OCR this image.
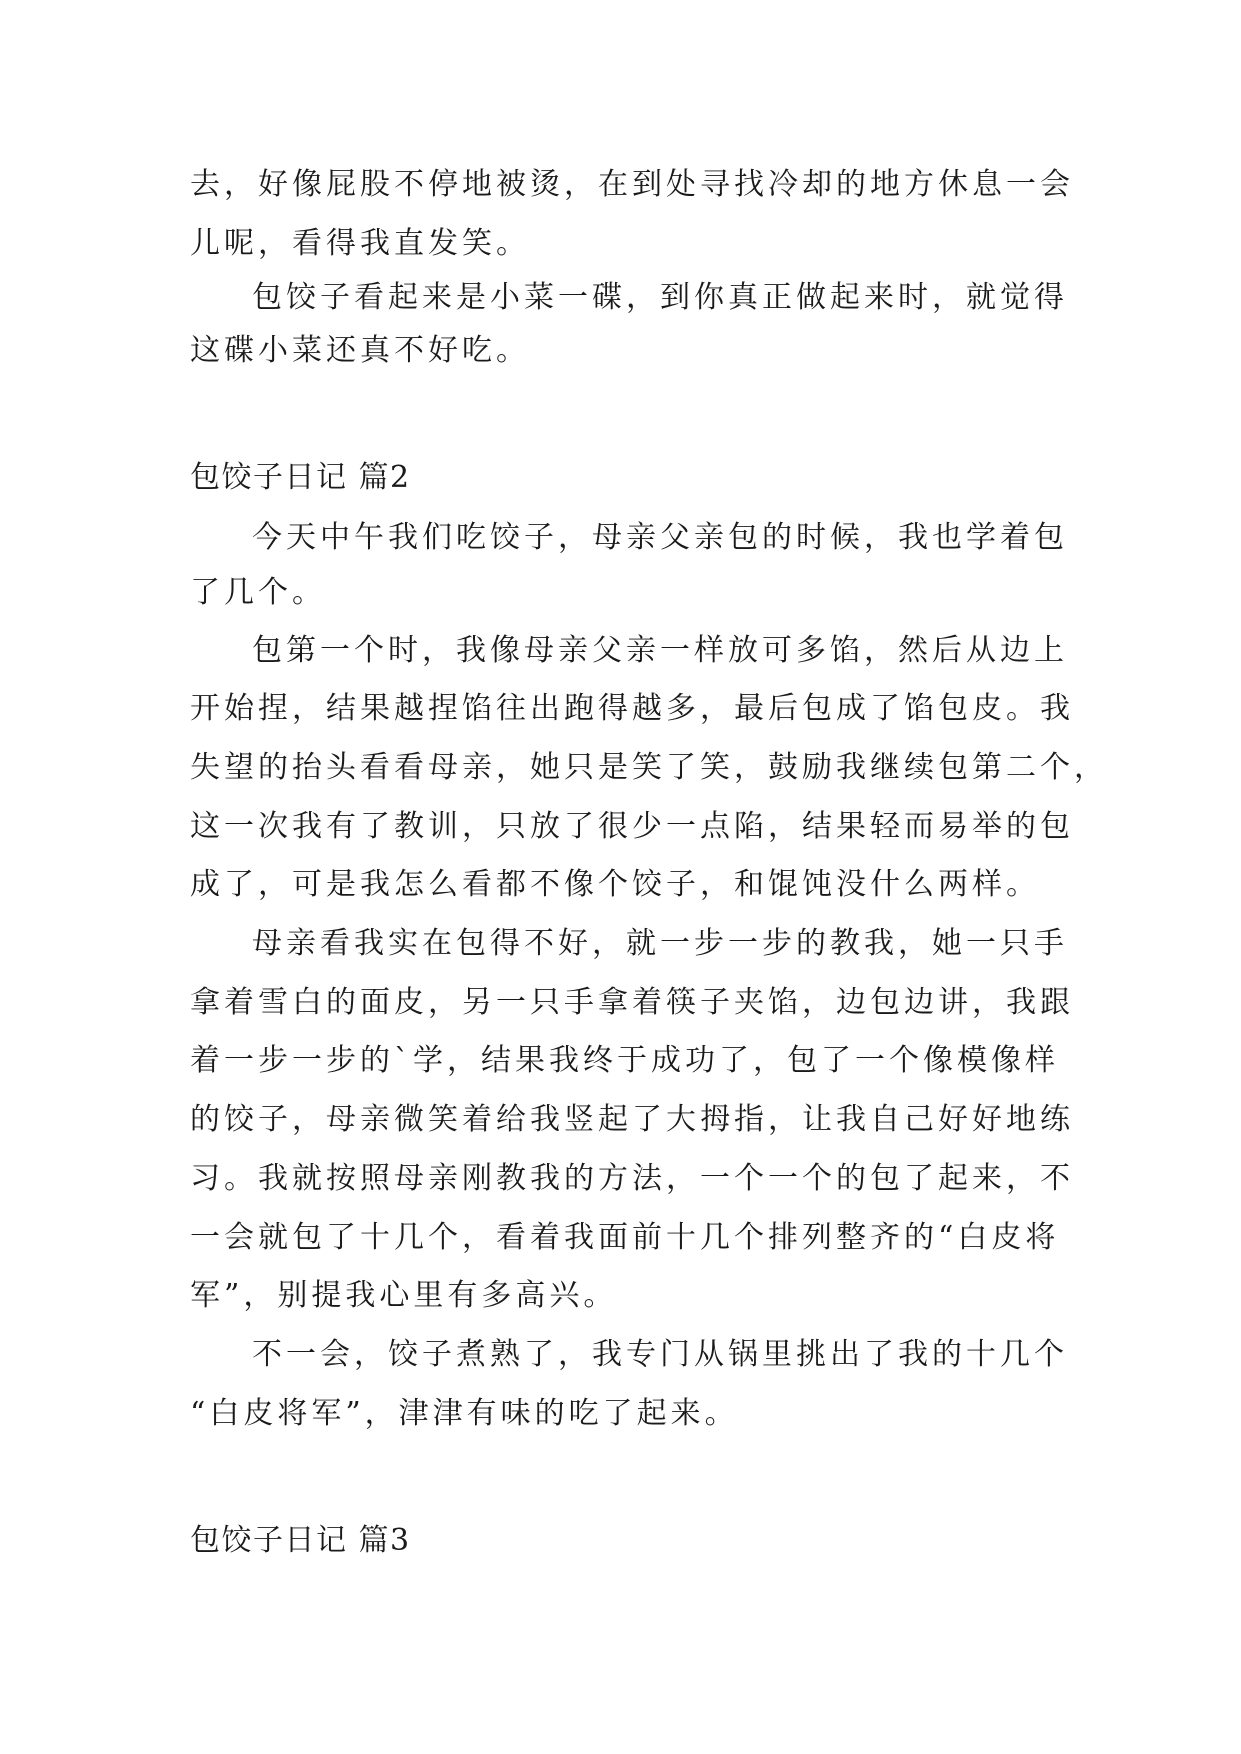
去，好像屁股不停地被烫，在到处寻找冷却的地方休息一会
儿呢，看得我直发笑。
包饺子看起来是小菜一碟，到你真正做起来时，就觉得
这碟小菜还真不好吃。
包饺子日记 篇2
今天中午我们吃饺子，母亲父亲包的时候，我也学着包
了几个。
包第一个时，我像母亲父亲一样放可多馅，然后从边上
开始捏，结果越捏馅往出跑得越多，最后包成了馅包皮。我
失望的抬头看看母亲，她只是笑了笑，鼓励我继续包第二个，
这一次我有了教训，只放了很少一点陷，结果轻而易举的包
成了，可是我怎么看都不像个饺子，和馄饨没什么两样。
母亲看我实在包得不好，就一步一步的教我，她一只手
拿着雪白的面皮，另一只手拿着筷子夹馅，边包边讲，我跟
着一步一步的`学，结果我终于成功了，包了一个像模像样
的饺子，母亲微笑着给我竖起了大拇指，让我自己好好地练
习。我就按照母亲刚教我的方法，一个一个的包了起来，不
一会就包了十几个，看着我面前十几个排列整齐的“白皮将
军”，别提我心里有多高兴。
不一会，饺子煮熟了，我专门从锅里挑出了我的十几个
“白皮将军”，津津有味的吃了起来。
包饺子日记 篇3
